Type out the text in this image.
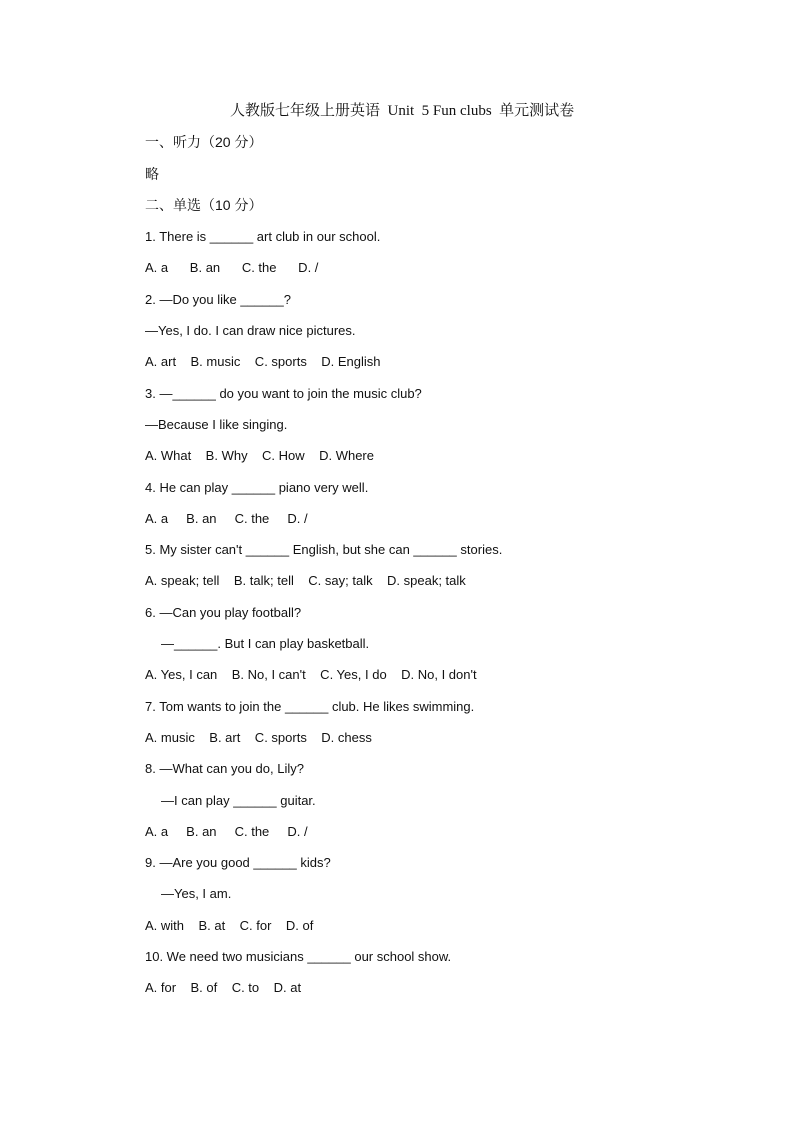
人教版七年级上册英语  Unit  5 Fun clubs  单元测试卷
一、听力（20 分）
略
二、单选（10 分）
1. There is ______ art club in our school.
A. a      B. an      C. the      D. /
2. —Do you like ______?
—Yes, I do. I can draw nice pictures.
A. art    B. music    C. sports    D. English
3. —______ do you want to join the music club?
—Because I like singing.
A. What    B. Why    C. How    D. Where
4. He can play ______ piano very well.
A. a     B. an     C. the     D. /
5. My sister can't ______ English, but she can ______ stories.
A. speak; tell    B. talk; tell    C. say; talk    D. speak; talk
6. —Can you play football?
—______. But I can play basketball.
A. Yes, I can    B. No, I can't    C. Yes, I do    D. No, I don't
7. Tom wants to join the ______ club. He likes swimming.
A. music    B. art    C. sports    D. chess
8. —What can you do, Lily?
—I can play ______ guitar.
A. a     B. an     C. the     D. /
9. —Are you good ______ kids?
—Yes, I am.
A. with    B. at    C. for    D. of
10. We need two musicians ______ our school show.
A. for    B. of    C. to    D. at
